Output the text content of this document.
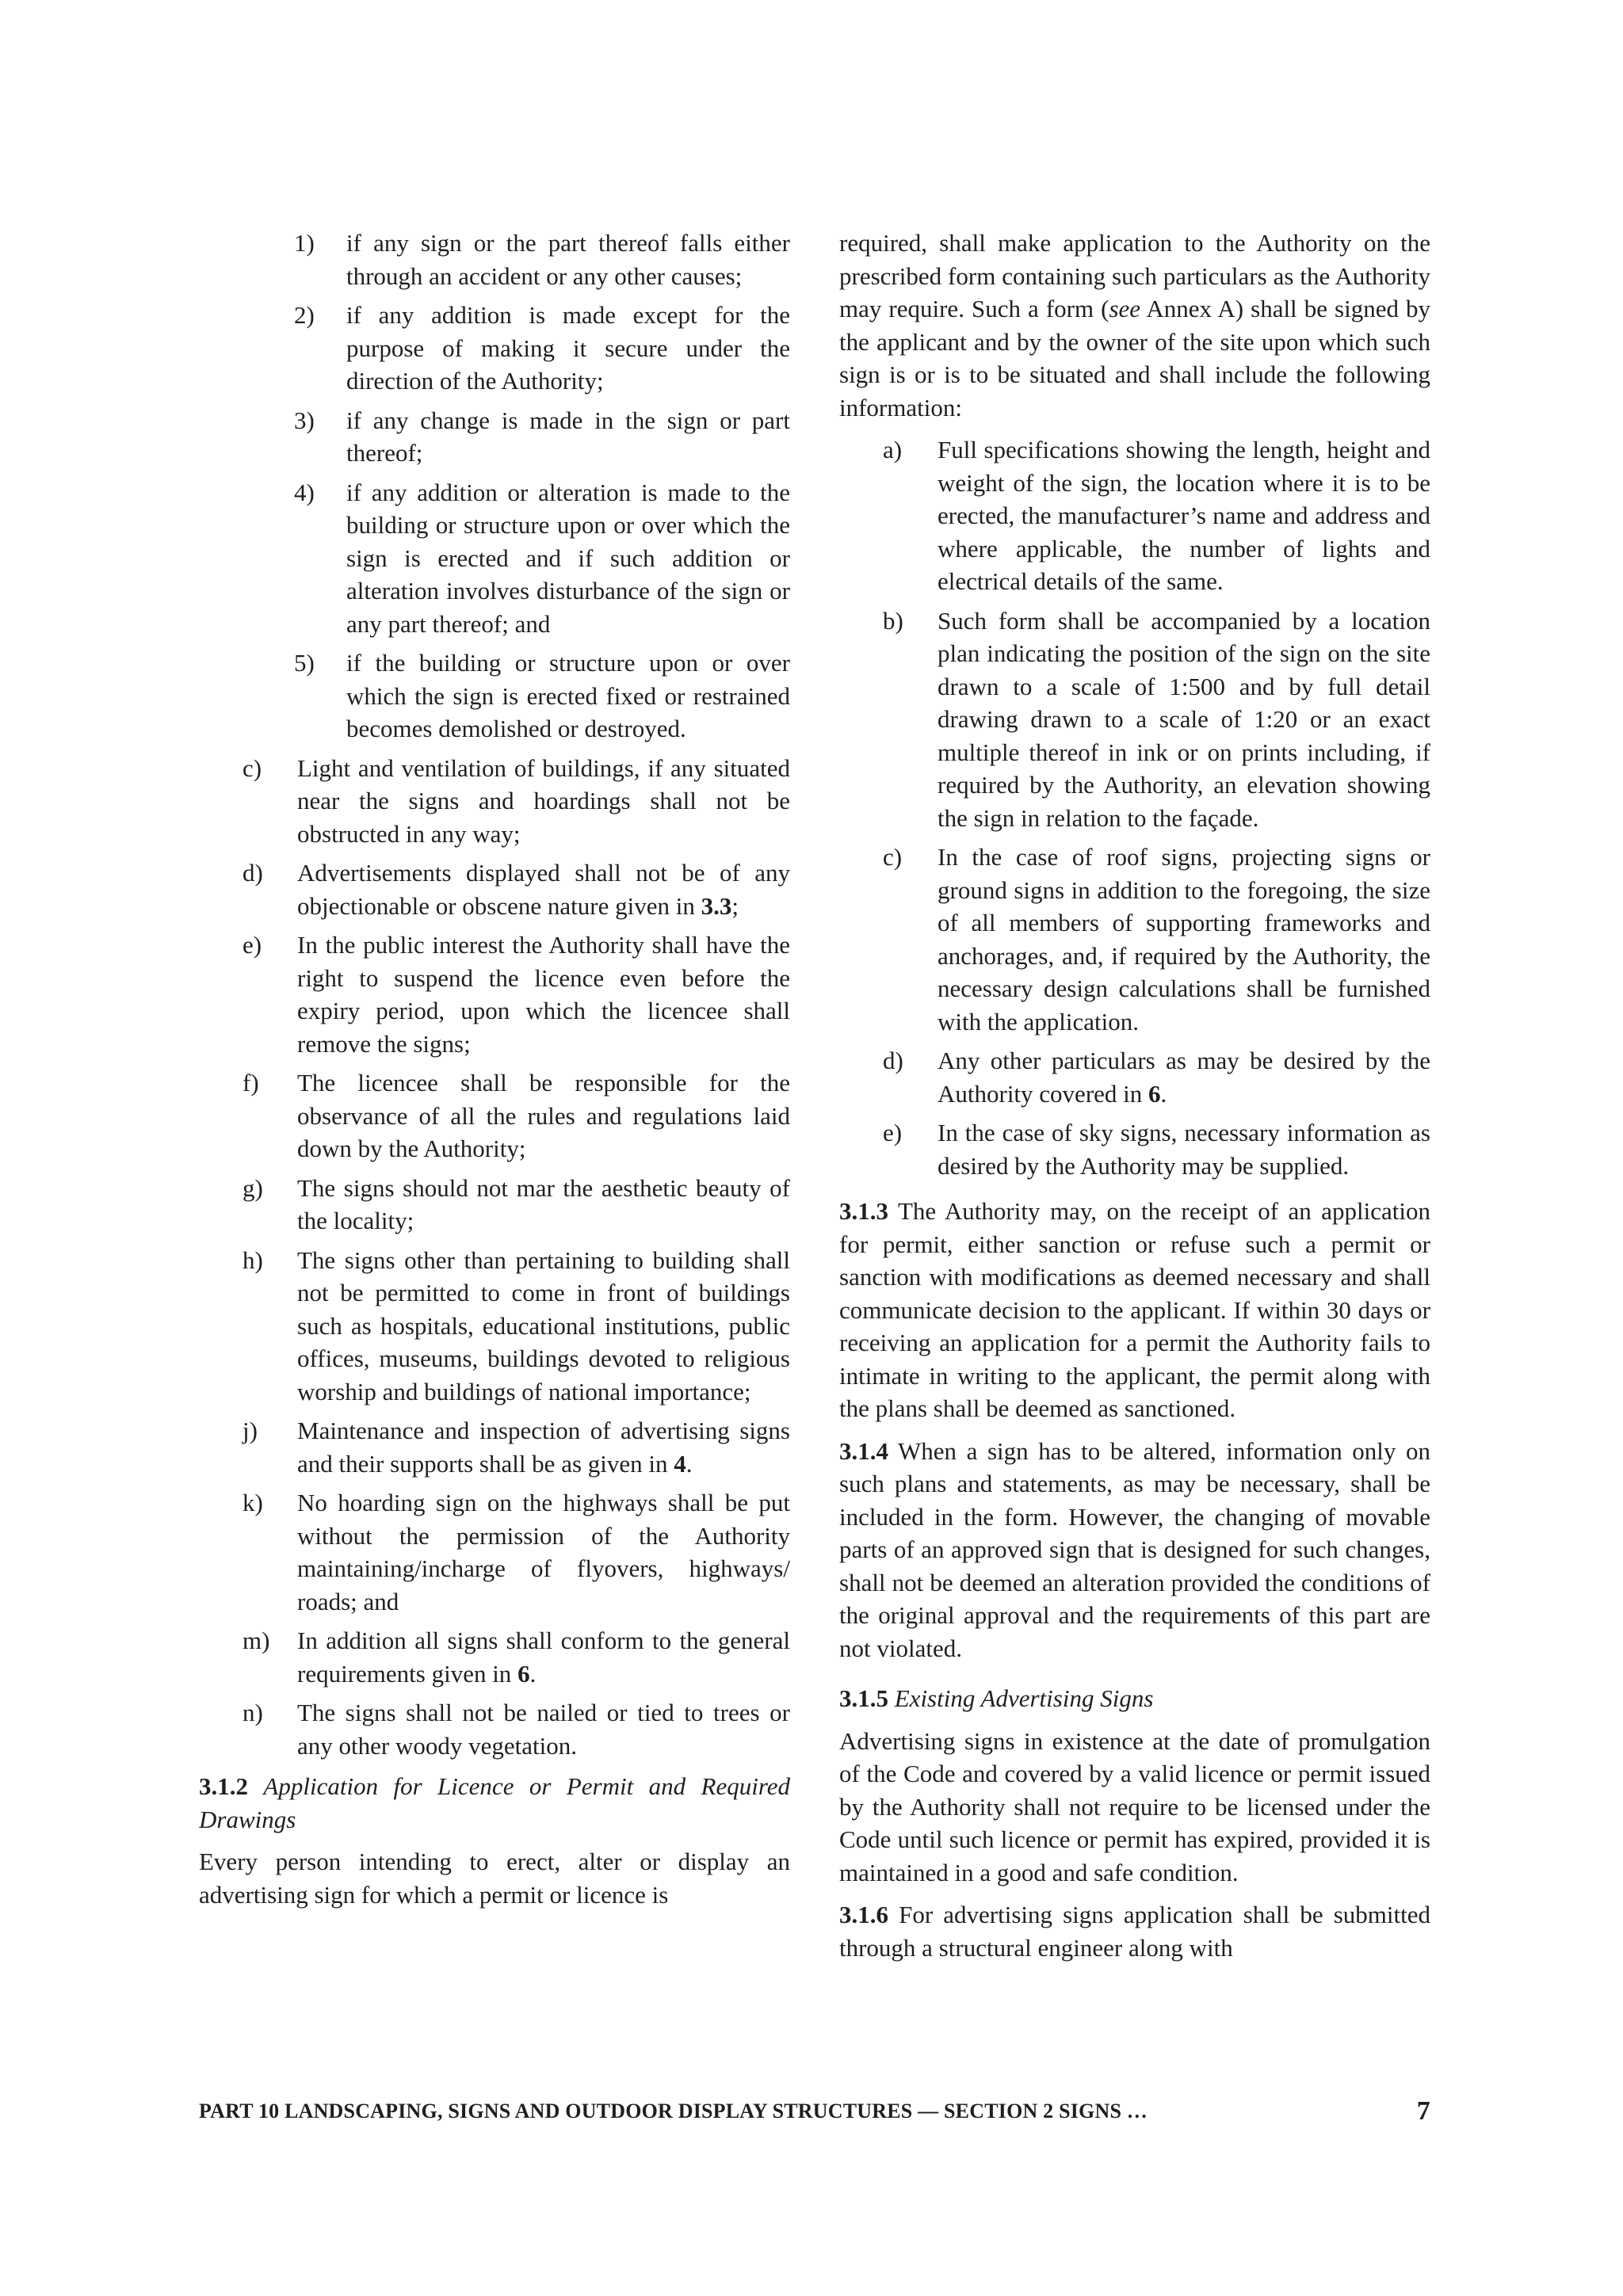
1) if any sign or the part thereof falls either through an accident or any other causes;
2) if any addition is made except for the purpose of making it secure under the direction of the Authority;
3) if any change is made in the sign or part thereof;
4) if any addition or alteration is made to the building or structure upon or over which the sign is erected and if such addition or alteration involves disturbance of the sign or any part thereof; and
5) if the building or structure upon or over which the sign is erected fixed or restrained becomes demolished or destroyed.
c) Light and ventilation of buildings, if any situated near the signs and hoardings shall not be obstructed in any way;
d) Advertisements displayed shall not be of any objectionable or obscene nature given in 3.3;
e) In the public interest the Authority shall have the right to suspend the licence even before the expiry period, upon which the licencee shall remove the signs;
f) The licencee shall be responsible for the observance of all the rules and regulations laid down by the Authority;
g) The signs should not mar the aesthetic beauty of the locality;
h) The signs other than pertaining to building shall not be permitted to come in front of buildings such as hospitals, educational institutions, public offices, museums, buildings devoted to religious worship and buildings of national importance;
j) Maintenance and inspection of advertising signs and their supports shall be as given in 4.
k) No hoarding sign on the highways shall be put without the permission of the Authority maintaining/incharge of flyovers, highways/ roads; and
m) In addition all signs shall conform to the general requirements given in 6.
n) The signs shall not be nailed or tied to trees or any other woody vegetation.

3.1.2 Application for Licence or Permit and Required Drawings

Every person intending to erect, alter or display an advertising sign for which a permit or licence is

required, shall make application to the Authority on the prescribed form containing such particulars as the Authority may require. Such a form (see Annex A) shall be signed by the applicant and by the owner of the site upon which such sign is or is to be situated and shall include the following information:

a) Full specifications showing the length, height and weight of the sign, the location where it is to be erected, the manufacturer’s name and address and where applicable, the number of lights and electrical details of the same.
b) Such form shall be accompanied by a location plan indicating the position of the sign on the site drawn to a scale of 1:500 and by full detail drawing drawn to a scale of 1:20 or an exact multiple thereof in ink or on prints including, if required by the Authority, an elevation showing the sign in relation to the façade.
c) In the case of roof signs, projecting signs or ground signs in addition to the foregoing, the size of all members of supporting frameworks and anchorages, and, if required by the Authority, the necessary design calculations shall be furnished with the application.
d) Any other particulars as may be desired by the Authority covered in 6.
e) In the case of sky signs, necessary information as desired by the Authority may be supplied.

3.1.3 The Authority may, on the receipt of an application for permit, either sanction or refuse such a permit or sanction with modifications as deemed necessary and shall communicate decision to the applicant. If within 30 days or receiving an application for a permit the Authority fails to intimate in writing to the applicant, the permit along with the plans shall be deemed as sanctioned.

3.1.4 When a sign has to be altered, information only on such plans and statements, as may be necessary, shall be included in the form. However, the changing of movable parts of an approved sign that is designed for such changes, shall not be deemed an alteration provided the conditions of the original approval and the requirements of this part are not violated.

3.1.5 Existing Advertising Signs

Advertising signs in existence at the date of promulgation of the Code and covered by a valid licence or permit issued by the Authority shall not require to be licensed under the Code until such licence or permit has expired, provided it is maintained in a good and safe condition.

3.1.6 For advertising signs application shall be submitted through a structural engineer along with

PART 10 LANDSCAPING, SIGNS AND OUTDOOR DISPLAY STRUCTURES — SECTION 2 SIGNS …	7
